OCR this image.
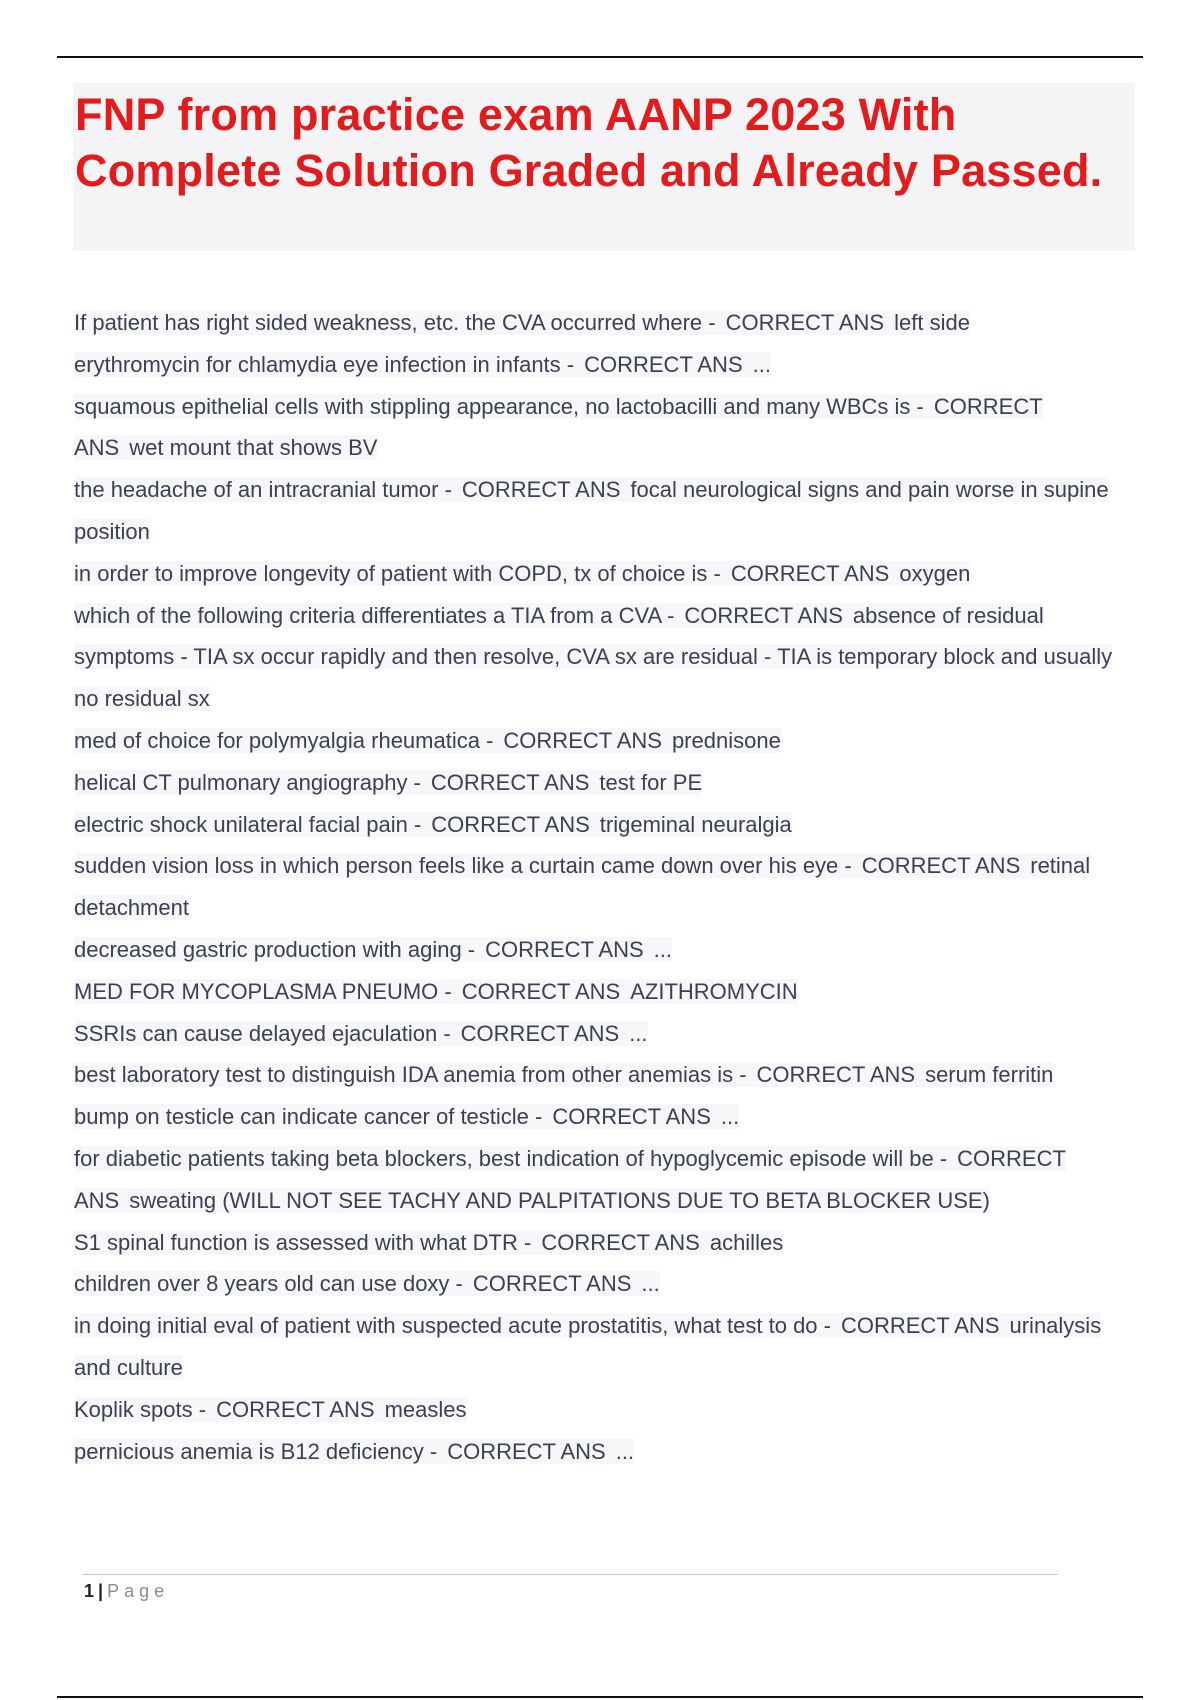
FNP from practice exam AANP 2023 With Complete Solution Graded and Already Passed.

If patient has right sided weakness, etc. the CVA occurred where - CORRECT ANS left side

erythromycin for chlamydia eye infection in infants - CORRECT ANS ...

squamous epithelial cells with stippling appearance, no lactobacilli and many WBCs is - CORRECT ANS wet mount that shows BV

the headache of an intracranial tumor - CORRECT ANS focal neurological signs and pain worse in supine position

in order to improve longevity of patient with COPD, tx of choice is - CORRECT ANS oxygen

which of the following criteria differentiates a TIA from a CVA - CORRECT ANS absence of residual symptoms - TIA sx occur rapidly and then resolve, CVA sx are residual - TIA is temporary block and usually no residual sx

med of choice for polymyalgia rheumatica - CORRECT ANS prednisone

helical CT pulmonary angiography - CORRECT ANS test for PE

electric shock unilateral facial pain - CORRECT ANS trigeminal neuralgia

sudden vision loss in which person feels like a curtain came down over his eye - CORRECT ANS retinal detachment

decreased gastric production with aging - CORRECT ANS ...

MED FOR MYCOPLASMA PNEUMO - CORRECT ANS AZITHROMYCIN

SSRIs can cause delayed ejaculation - CORRECT ANS ...

best laboratory test to distinguish IDA anemia from other anemias is - CORRECT ANS serum ferritin

bump on testicle can indicate cancer of testicle - CORRECT ANS ...

for diabetic patients taking beta blockers, best indication of hypoglycemic episode will be - CORRECT ANS sweating (WILL NOT SEE TACHY AND PALPITATIONS DUE TO BETA BLOCKER USE)

S1 spinal function is assessed with what DTR - CORRECT ANS achilles

children over 8 years old can use doxy - CORRECT ANS ...

in doing initial eval of patient with suspected acute prostatitis, what test to do - CORRECT ANS urinalysis and culture

Koplik spots - CORRECT ANS measles

pernicious anemia is B12 deficiency - CORRECT ANS ...

1 | Page
